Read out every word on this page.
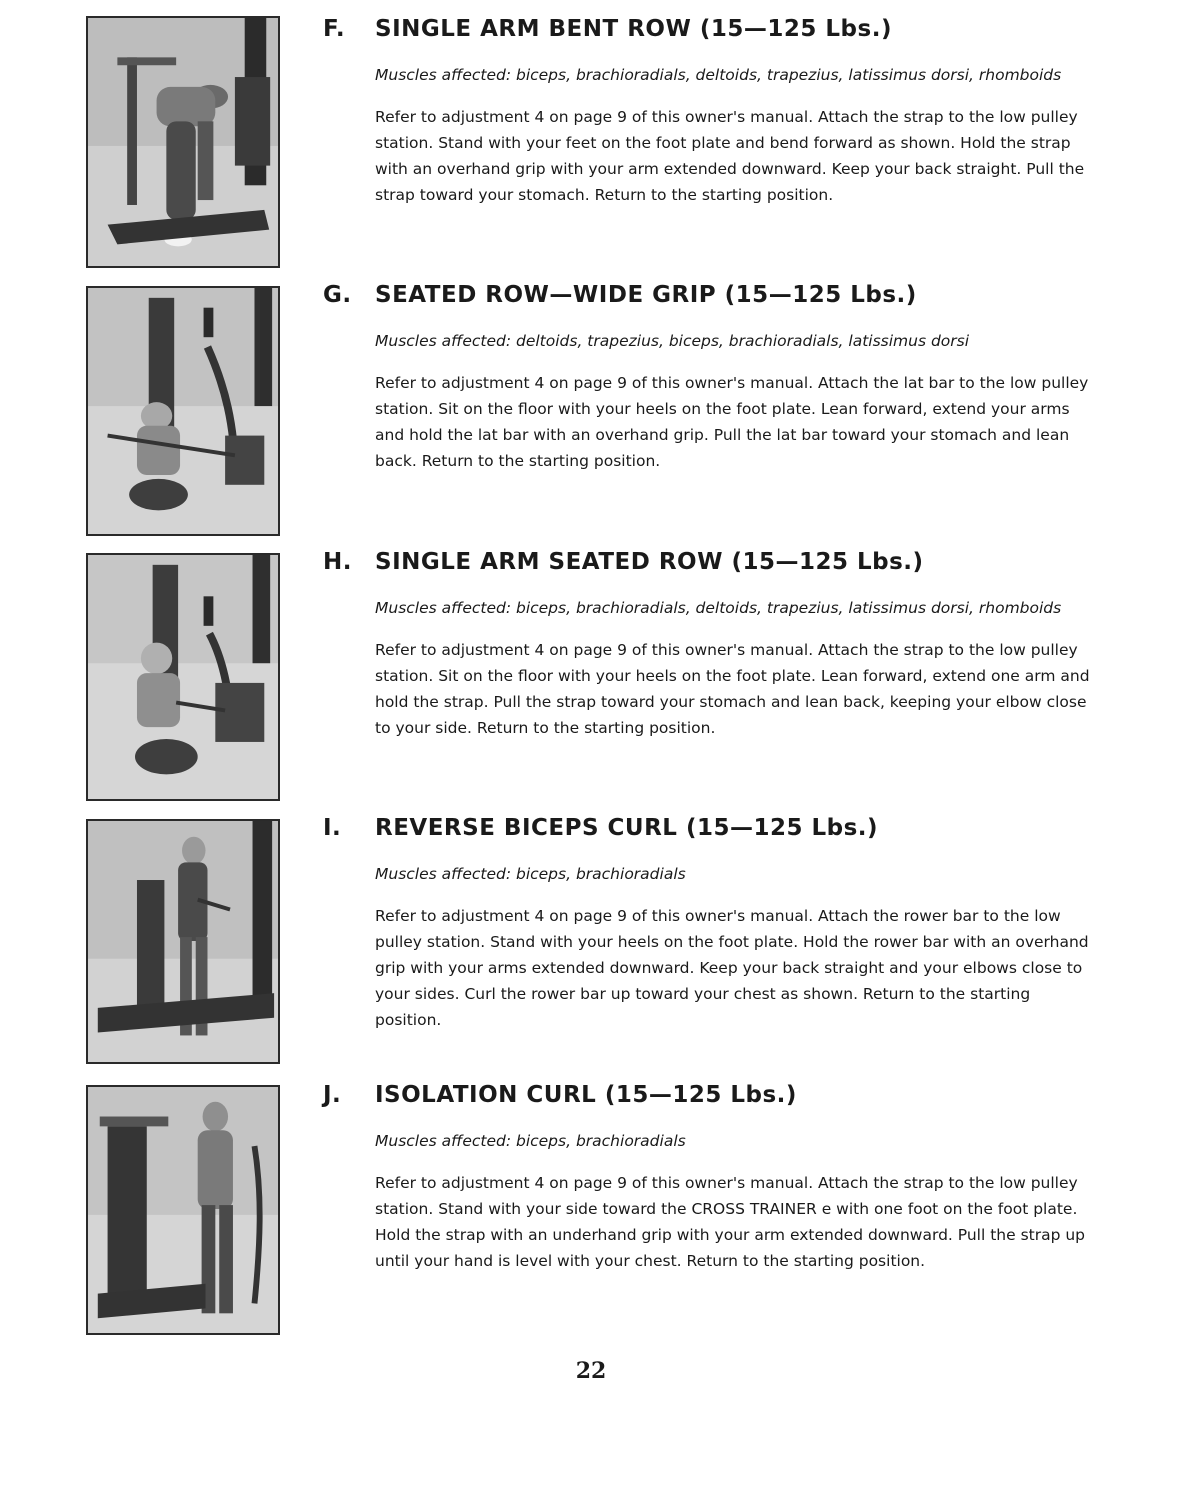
F.	SINGLE ARM BENT ROW (15—125 Lbs.)
Muscles affected: biceps, brachioradials, deltoids, trapezius, latissimus dorsi, rhomboids

Refer to adjustment 4 on page 9 of this owner's manual. Attach the strap to the low pulley station. Stand with your feet on the foot plate and bend forward as shown. Hold the strap with an overhand grip with your arm extended downward. Keep your back straight. Pull the strap toward your stomach. Return to the starting position.

G.	SEATED ROW—WIDE GRIP (15—125 Lbs.)
Muscles affected: deltoids, trapezius, biceps, brachioradials, latissimus dorsi

Refer to adjustment 4 on page 9 of this owner's manual. Attach the lat bar to the low pulley station. Sit on the floor with your heels on the foot plate. Lean forward, extend your arms and hold the lat bar with an overhand grip. Pull the lat bar toward your stomach and lean back. Return to the starting position.

H.	SINGLE ARM SEATED ROW (15—125 Lbs.)
Muscles affected: biceps, brachioradials, deltoids, trapezius, latissimus dorsi, rhomboids

Refer to adjustment 4 on page 9 of this owner's manual. Attach the strap to the low pulley station. Sit on the floor with your heels on the foot plate. Lean forward, extend one arm and hold the strap. Pull the strap toward your stomach and lean back, keeping your elbow close to your side. Return to the starting position.

I.	REVERSE BICEPS CURL (15—125 Lbs.)
Muscles affected: biceps, brachioradials

Refer to adjustment 4 on page 9 of this owner's manual. Attach the rower bar to the low pulley station. Stand with your heels on the foot plate. Hold the rower bar with an overhand grip with your arms extended downward. Keep your back straight and your elbows close to your sides. Curl the rower bar up toward your chest as shown. Return to the starting position.

J.	ISOLATION CURL (15—125 Lbs.)
Muscles affected: biceps, brachioradials

Refer to adjustment 4 on page 9 of this owner's manual. Attach the strap to the low pulley station. Stand with your side toward the CROSS TRAINER e with one foot on the foot plate. Hold the strap with an underhand grip with your arm extended downward. Pull the strap up until your hand is level with your chest. Return to the starting position.

22
